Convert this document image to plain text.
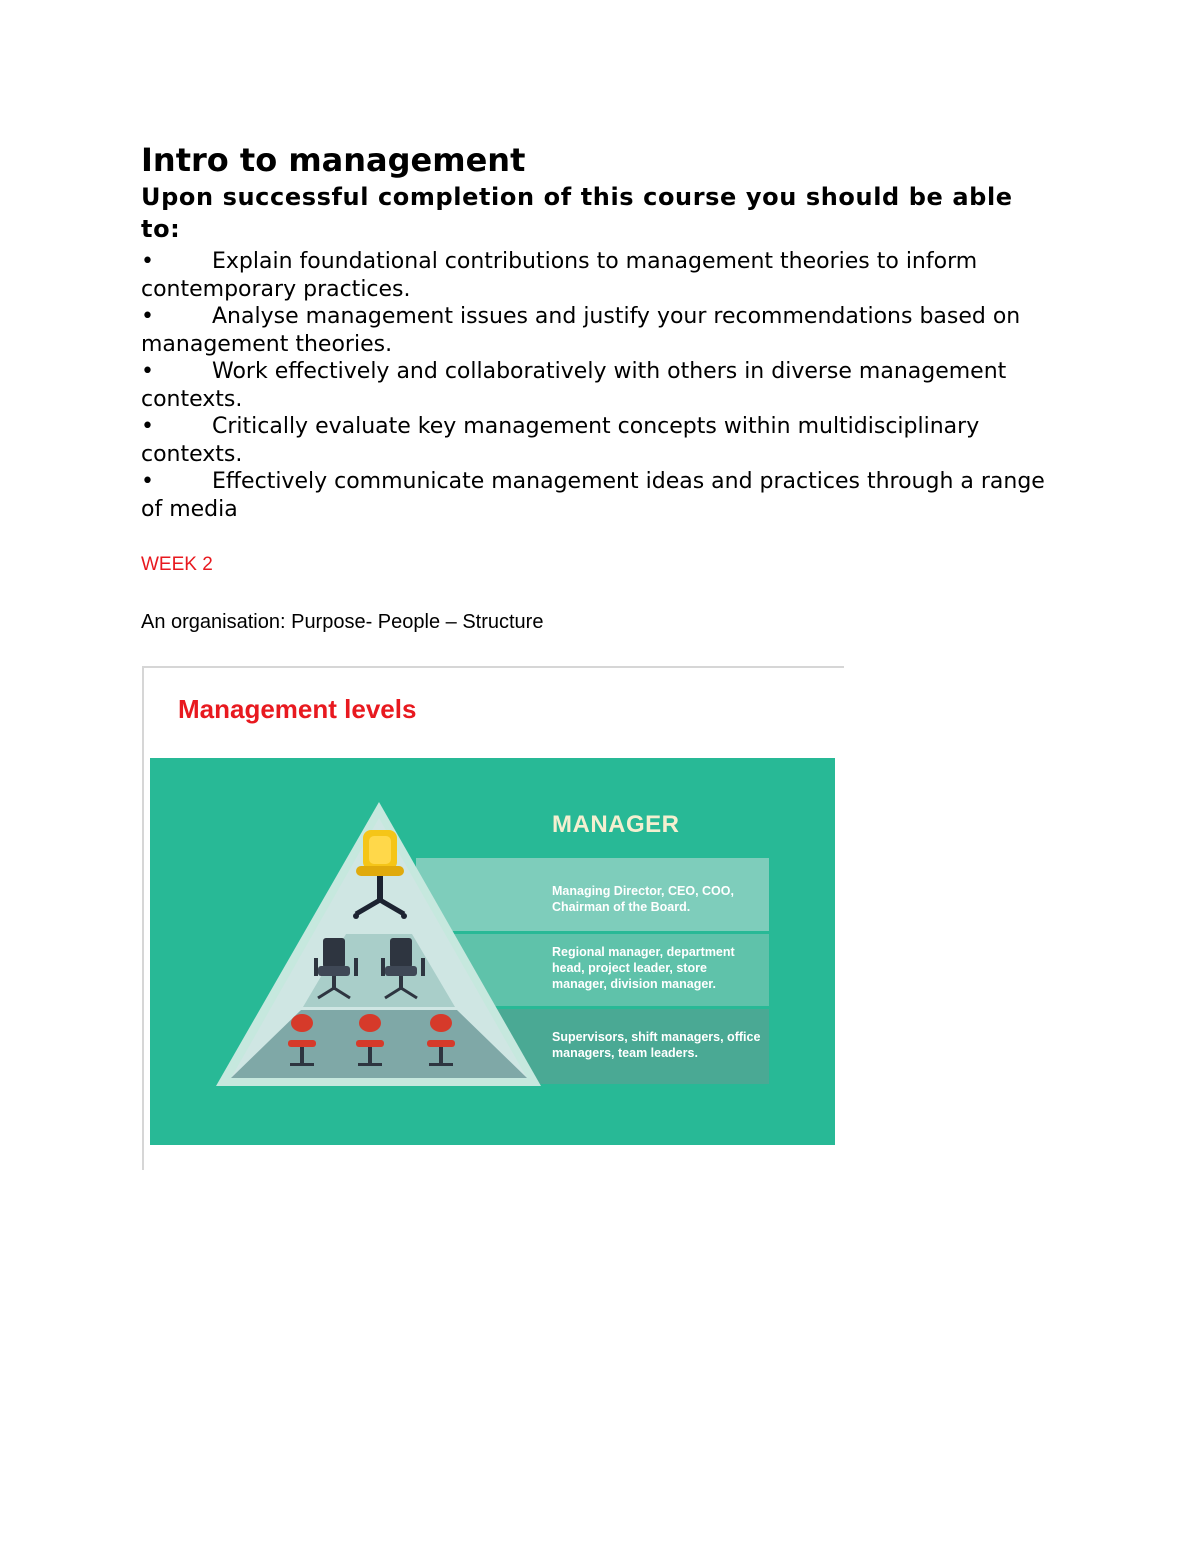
Intro to management
Upon successful completion of this course you should be able to:
•	Explain foundational contributions to management theories to inform contemporary practices.
•	Analyse management issues and justify your recommendations based on management theories.
•	Work effectively and collaboratively with others in diverse management contexts.
•	Critically evaluate key management concepts within multidisciplinary contexts.
•	Effectively communicate management ideas and practices through a range of media
WEEK 2
An organisation: Purpose- People – Structure
Management levels
MANAGER
Managing Director, CEO, COO, Chairman of the Board.
Regional manager, department head, project leader, store manager, division manager.
Supervisors, shift managers, office managers, team leaders.
